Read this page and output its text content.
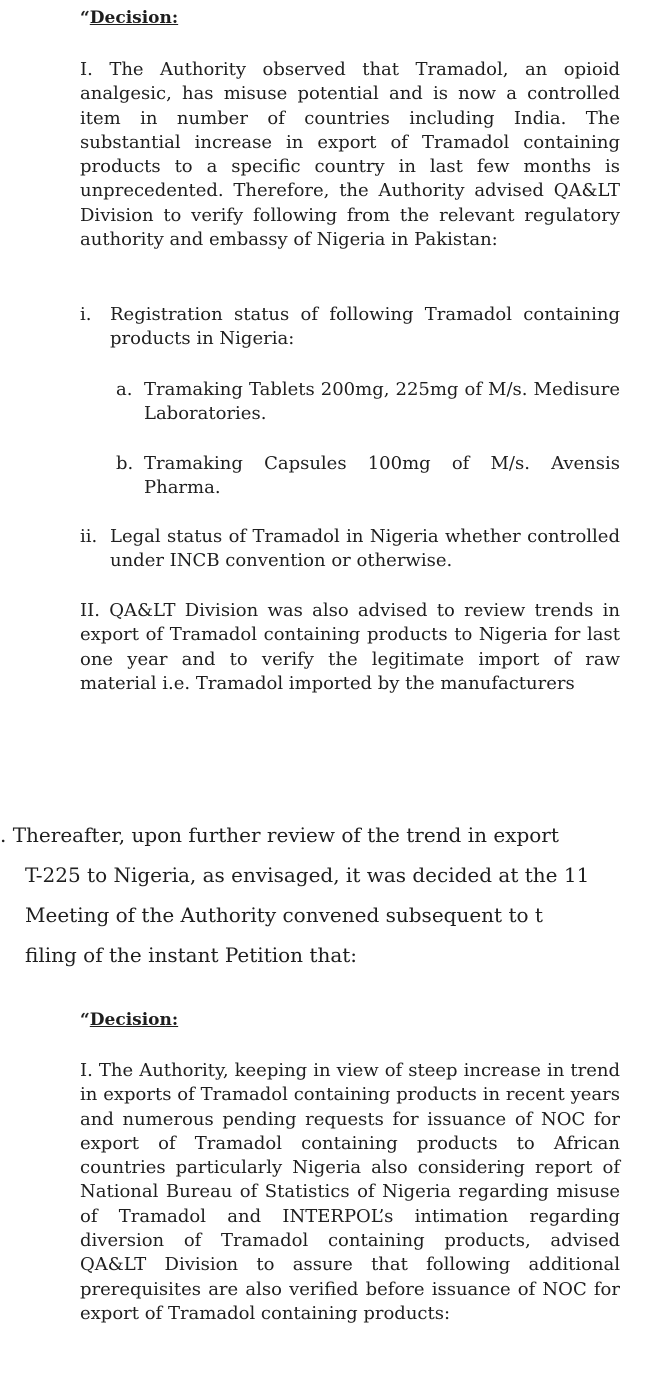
“Decision:

I. The Authority observed that Tramadol, an opioid analgesic, has misuse potential and is now a controlled item in number of countries including India. The substantial increase in export of Tramadol containing products to a specific country in last few months is unprecedented. Therefore, the Authority advised QA&LT Division to verify following from the relevant regulatory authority and embassy of Nigeria in Pakistan:

i. Registration status of following Tramadol containing products in Nigeria:
a. Tramaking Tablets 200mg, 225mg of M/s. Medisure Laboratories.
b. Tramaking Capsules 100mg of M/s. Avensis Pharma.
ii. Legal status of Tramadol in Nigeria whether controlled under INCB convention or otherwise.

II. QA&LT Division was also advised to review trends in export of Tramadol containing products to Nigeria for last one year and to verify the legitimate import of raw material i.e. Tramadol imported by the manufacturers

. Thereafter, upon further review of the trend in export
T-225 to Nigeria, as envisaged, it was decided at the 11
Meeting of the Authority convened subsequent to t
filing of the instant Petition that:
“Decision:

I. The Authority, keeping in view of steep increase in trend in exports of Tramadol containing products in recent years and numerous pending requests for issuance of NOC for export of Tramadol containing products to African countries particularly Nigeria also considering report of National Bureau of Statistics of Nigeria regarding misuse of Tramadol and INTERPOL’s intimation regarding diversion of Tramadol containing products, advised QA&LT Division to assure that following additional prerequisites are also verified before issuance of NOC for export of Tramadol containing products:
